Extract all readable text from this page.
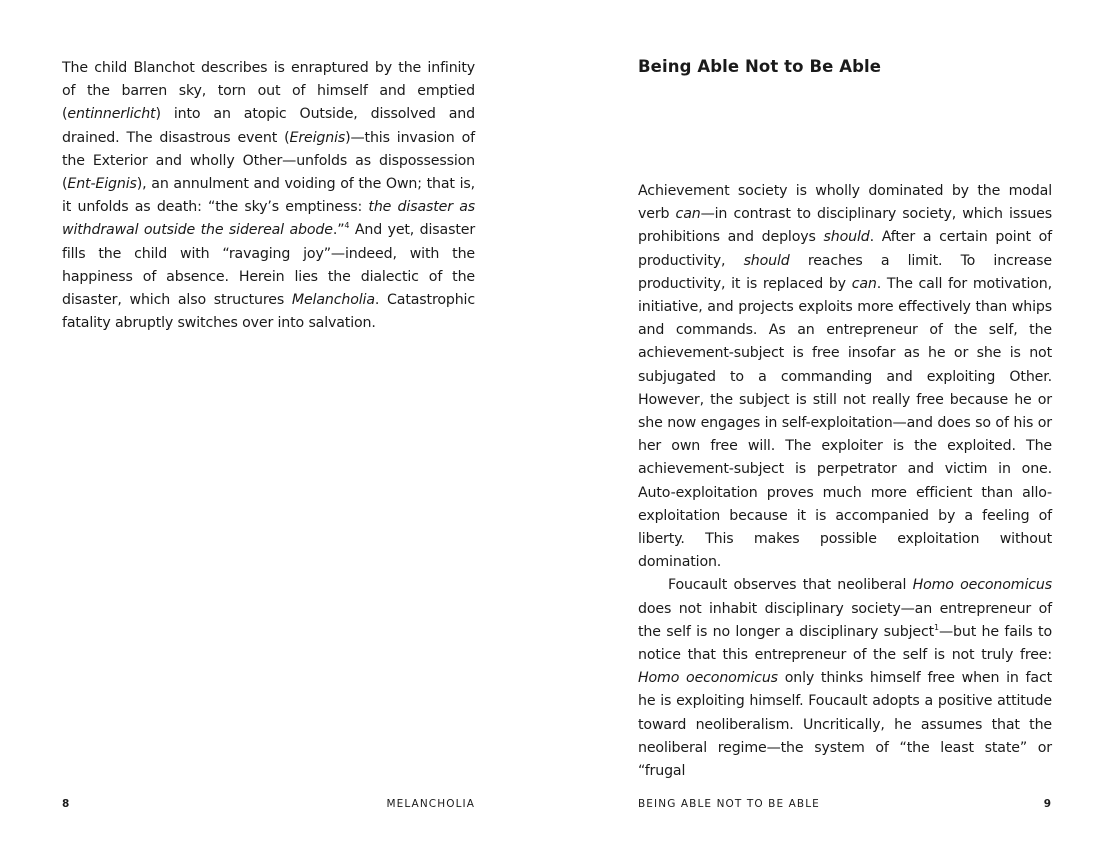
The child Blanchot describes is enraptured by the infinity of the barren sky, torn out of himself and emptied (entinnerlicht) into an atopic Outside, dissolved and drained. The disastrous event (Ereignis)—this invasion of the Exterior and wholly Other—unfolds as dispossession (Ent-Eignis), an annulment and voiding of the Own; that is, it unfolds as death: “the sky’s emptiness: the disaster as withdrawal outside the sidereal abode.”$^4$ And yet, disaster fills the child with “ravaging joy”—indeed, with the happiness of absence. Herein lies the dialectic of the disaster, which also structures Melancholia. Catastrophic fatality abruptly switches over into salvation.

8	MELANCHOLIA
Being Able Not to Be Able

Achievement society is wholly dominated by the modal verb can—in contrast to disciplinary society, which issues prohibitions and deploys should. After a certain point of productivity, should reaches a limit. To increase productivity, it is replaced by can. The call for motivation, initiative, and projects exploits more effectively than whips and commands. As an entrepreneur of the self, the achievement-subject is free insofar as he or she is not subjugated to a commanding and exploiting Other. However, the subject is still not really free because he or she now engages in self-exploitation—and does so of his or her own free will. The exploiter is the exploited. The achievement-subject is perpetrator and victim in one. Auto-exploitation proves much more efficient than allo-exploitation because it is accompanied by a feeling of liberty. This makes possible exploitation without domination.

Foucault observes that neoliberal Homo oeconomicus does not inhabit disciplinary society—an entrepreneur of the self is no longer a disciplinary subject$^1$—but he fails to notice that this entrepreneur of the self is not truly free: Homo oeconomicus only thinks himself free when in fact he is exploiting himself. Foucault adopts a positive attitude toward neoliberalism. Uncritically, he assumes that the neoliberal regime—the system of “the least state” or “frugal

BEING ABLE NOT TO BE ABLE	9
